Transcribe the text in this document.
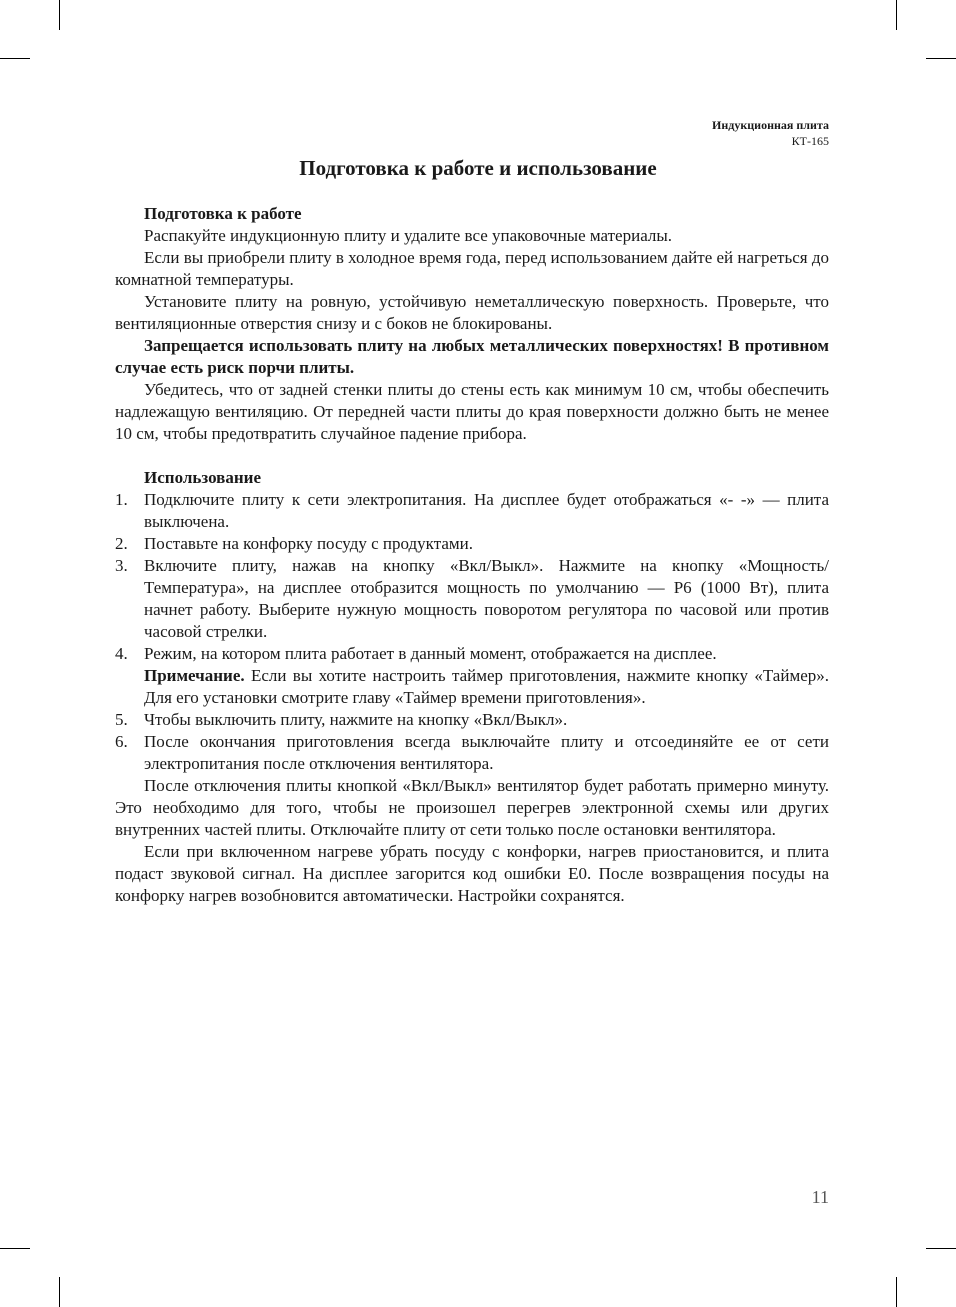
Индукционная плита
КТ-165
Подготовка к работе и использование

Подготовка к работе

Распакуйте индукционную плиту и удалите все упаковочные материалы.

Если вы приобрели плиту в холодное время года, перед использованием дайте ей нагреться до комнатной температуры.

Установите плиту на ровную, устойчивую неметаллическую поверхность. Проверьте, что вентиляционные отверстия снизу и с боков не блокированы.

Запрещается использовать плиту на любых металлических поверхностях! В противном случае есть риск порчи плиты.

Убедитесь, что от задней стенки плиты до стены есть как минимум 10 см, чтобы обеспечить надлежащую вентиляцию. От передней части плиты до края поверхности должно быть не менее 10 см, чтобы предотвратить случайное падение прибора.

Использование

1. Подключите плиту к сети электропитания. На дисплее будет отображаться «- -» — плита выключена.
2. Поставьте на конфорку посуду с продуктами.
3. Включите плиту, нажав на кнопку «Вкл/Выкл». Нажмите на кнопку «Мощность/Температура», на дисплее отобразится мощность по умолчанию — Р6 (1000 Вт), плита начнет работу. Выберите нужную мощность поворотом регулятора по часовой или против часовой стрелки.
4. Режим, на котором плита работает в данный момент, отображается на дисплее.
Примечание. Если вы хотите настроить таймер приготовления, нажмите кнопку «Таймер». Для его установки смотрите главу «Таймер времени приготовления».
5. Чтобы выключить плиту, нажмите на кнопку «Вкл/Выкл».
6. После окончания приготовления всегда выключайте плиту и отсоединяйте ее от сети электропитания после отключения вентилятора.

После отключения плиты кнопкой «Вкл/Выкл» вентилятор будет работать примерно минуту. Это необходимо для того, чтобы не произошел перегрев электронной схемы или других внутренних частей плиты. Отключайте плиту от сети только после остановки вентилятора.

Если при включенном нагреве убрать посуду с конфорки, нагрев приостановится, и плита подаст звуковой сигнал. На дисплее загорится код ошибки Е0. После возвращения посуды на конфорку нагрев возобновится автоматически. Настройки сохранятся.

11
